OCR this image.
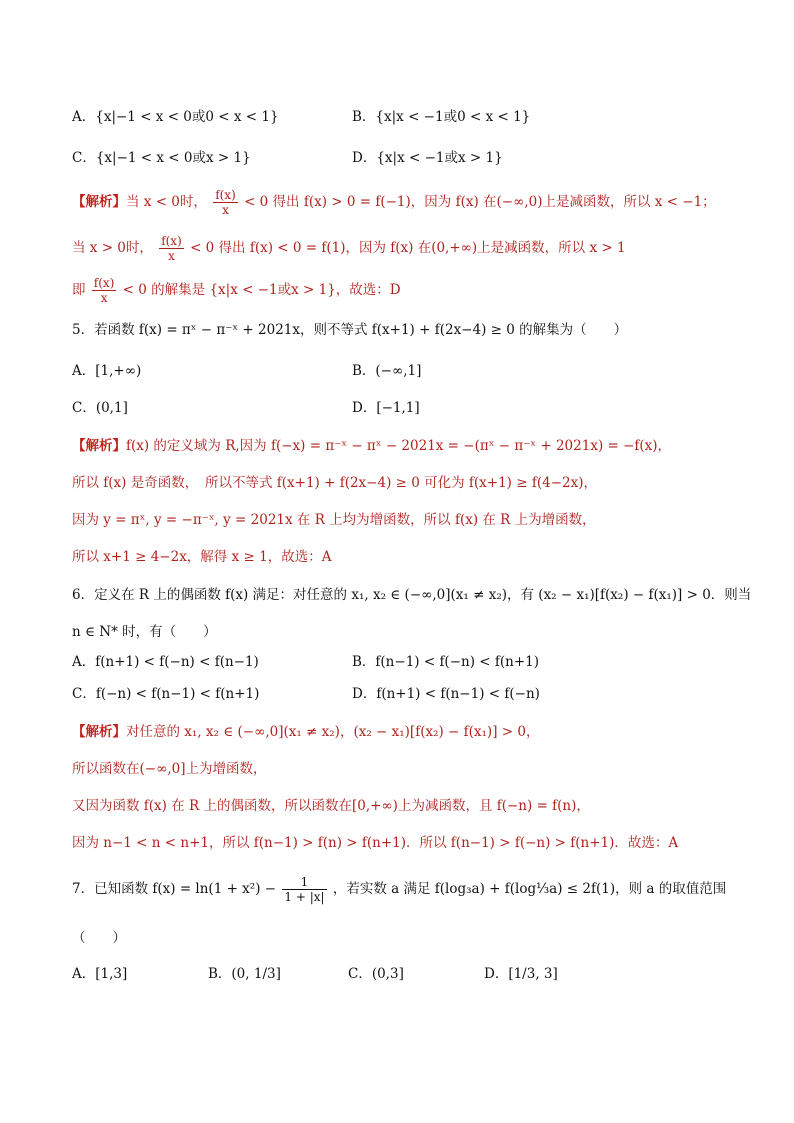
A．{x|−1 < x < 0或0 < x < 1}	B．{x|x < −1或0 < x < 1}
C．{x|−1 < x < 0或x > 1}	D．{x|x < −1或x > 1}
【解析】当 x < 0时， $\frac{f(x)}{x} < 0$ 得出 f(x) > 0 = f(−1)，因为 f(x) 在(−∞,0)上是减函数，所以 x < −1；
当 x > 0时， $\frac{f(x)}{x} < 0$ 得出 f(x) < 0 = f(1)，因为 f(x) 在(0,+∞)上是减函数，所以 x > 1
即 $\frac{f(x)}{x} < 0$ 的解集是 {x|x < −1或x > 1}，故选：D
5．若函数 f(x) = πˣ − π⁻ˣ + 2021x，则不等式 f(x+1) + f(2x−4) ≥ 0 的解集为（　　）
A．[1,+∞)	B．(−∞,1]
C．(0,1]	D．[−1,1]
【解析】f(x) 的定义域为 R,因为 f(−x) = π⁻ˣ − πˣ − 2021x = −(πˣ − π⁻ˣ + 2021x) = −f(x)，
所以 f(x) 是奇函数，　所以不等式 f(x+1) + f(2x−4) ≥ 0 可化为 f(x+1) ≥ f(4−2x)，
因为 y = πˣ, y = −π⁻ˣ, y = 2021x 在 R 上均为增函数，所以 f(x) 在 R 上为增函数，
所以 x+1 ≥ 4−2x，解得 x ≥ 1，故选：A
6．定义在 R 上的偶函数 f(x) 满足：对任意的 x₁, x₂ ∈ (−∞,0](x₁ ≠ x₂)，有 (x₂ − x₁)[f(x₂) − f(x₁)] > 0．则当
n ∈ N* 时，有（　　）
A．f(n+1) < f(−n) < f(n−1)	B．f(n−1) < f(−n) < f(n+1)
C．f(−n) < f(n−1) < f(n+1)	D．f(n+1) < f(n−1) < f(−n)
【解析】对任意的 x₁, x₂ ∈ (−∞,0](x₁ ≠ x₂)，(x₂ − x₁)[f(x₂) − f(x₁)] > 0，
所以函数在(−∞,0]上为增函数，
又因为函数 f(x) 在 R 上的偶函数，所以函数在[0,+∞)上为减函数，且 f(−n) = f(n)，
因为 n−1 < n < n+1，所以 f(n−1) > f(n) > f(n+1)．所以 f(n−1) > f(−n) > f(n+1)．故选：A
7．已知函数 $f(x) = \ln(1 + x^2) - \frac{1}{1 + |x|}$ ，若实数 a 满足 f(log₃a) + f(log⅓a) ≤ 2f(1)，则 a 的取值范围
（　　）
A．[1,3]	B．(0, 1/3]	C．(0,3]	D．[1/3, 3]
